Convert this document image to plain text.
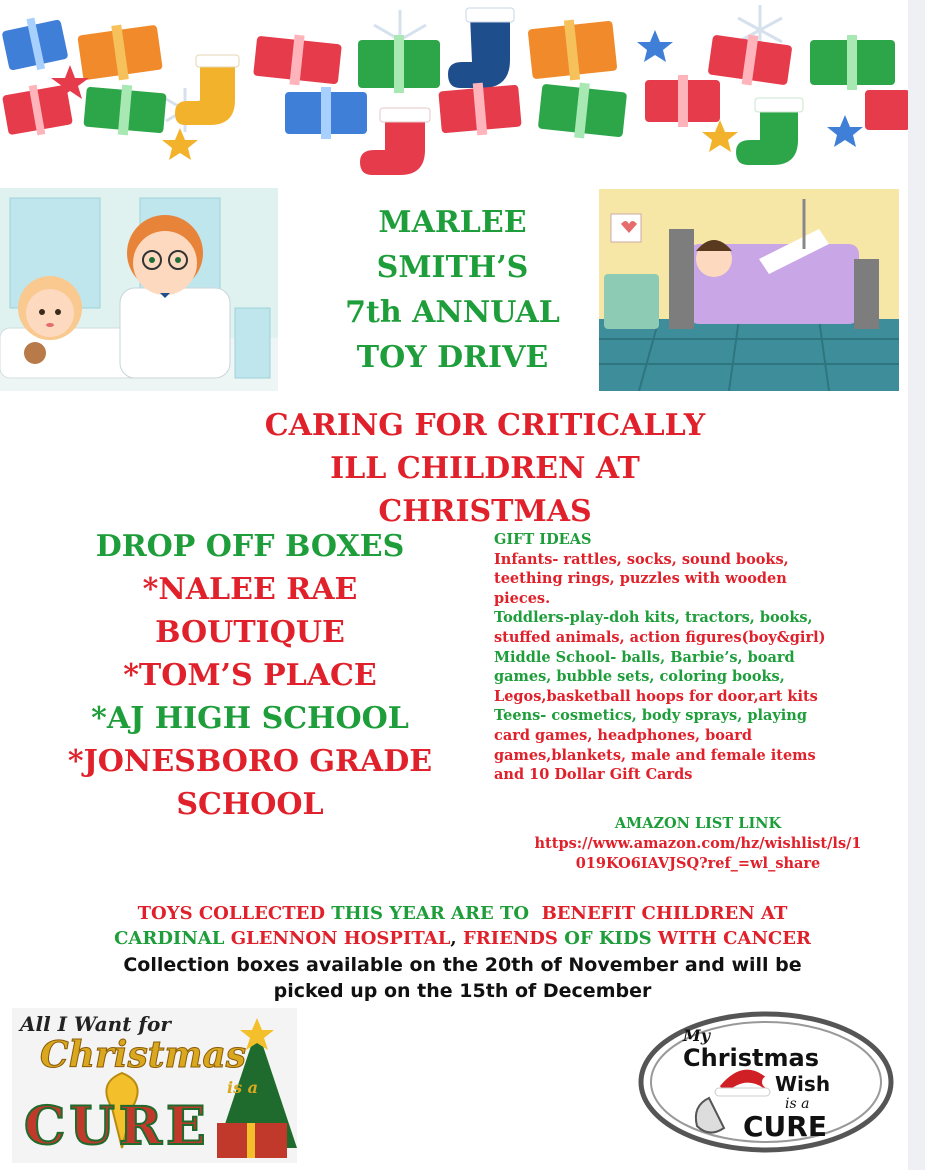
MARLEE
SMITH’S
7th ANNUAL
TOY DRIVE
CARING FOR CRITICALLY
ILL CHILDREN AT
CHRISTMAS
DROP OFF BOXES
*NALEE RAE
BOUTIQUE
*TOM’S PLACE
*AJ HIGH SCHOOL
*JONESBORO GRADE
SCHOOL
GIFT IDEAS
Infants- rattles, socks, sound books,
teething rings, puzzles with wooden
pieces.
Toddlers-play-doh kits, tractors, books,
stuffed animals, action figures(boy&girl)
Middle School- balls, Barbie’s, board
games, bubble sets, coloring books,
Legos,basketball hoops for door,art kits
Teens- cosmetics, body sprays, playing
card games, headphones, board
games,blankets, male and female items
and 10 Dollar Gift Cards
AMAZON LIST LINK
https://www.amazon.com/hz/wishlist/ls/1
019KO6IAVJSQ?ref_=wl_share
TOYS COLLECTED THIS YEAR ARE TO  BENEFIT CHILDREN AT
CARDINAL GLENNON HOSPITAL, FRIENDS OF KIDS WITH CANCER
Collection boxes available on the 20th of November and will be
picked up on the 15th of December
All I Want for
Christmas
is a
CURE
My
Christmas
Wish
is a
CURE
